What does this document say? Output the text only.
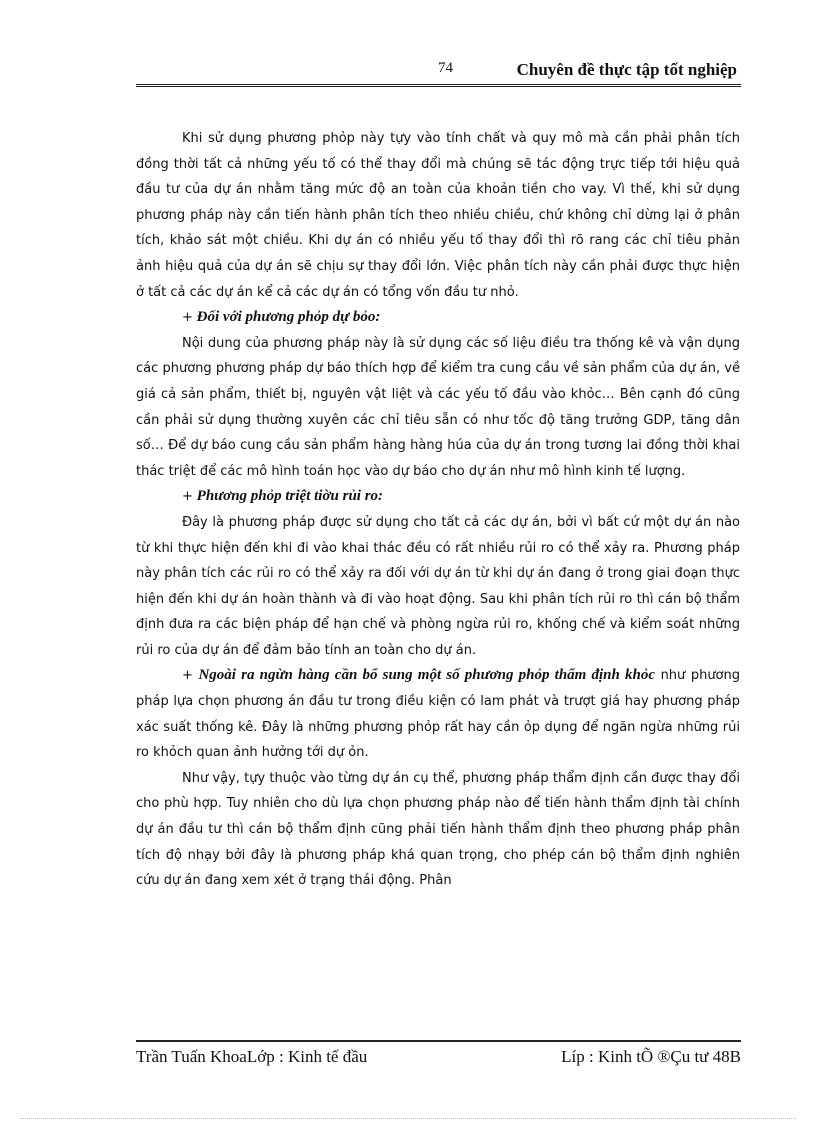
74	Chuyên đề thực tập tốt nghiệp

Khi sử dụng phương phỏp này tựy vào tính chất và quy mô mà cần phải phân tích đồng thời tất cả những yếu tố có thể thay đổi mà chúng sẽ tác động trực tiếp tới hiệu quả đầu tư của dự án nhằm tăng mức độ an toàn của khoản tiền cho vay. Vì thế, khi sử dụng phương pháp này cần tiến hành phân tích theo nhiều chiều, chứ không chỉ dừng lại ở phân tích, khảo sát một chiều. Khi dự án có nhiều yếu tố thay đổi thì rõ rang các chỉ tiêu phản ảnh hiệu quả của dự án sẽ chịu sự thay đổi lớn. Việc phân tích này cần phải được thực hiện ở tất cả các dự án kể cả các dự án có tổng vốn đầu tư nhỏ.

+ Đối với phương phỏp dự bỏo:

Nội dung của phương pháp này là sử dụng các số liệu điều tra thống kê và vận dụng các phương phương pháp dự báo thích hợp để kiểm tra cung cầu về sản phẩm của dự án, về giá cả sản phẩm, thiết bị, nguyên vật liệt và các yếu tố đầu vào khỏc… Bên cạnh đó cũng cần phải sử dụng thường xuyên các chỉ tiêu sẵn có như tốc độ tăng trưởng GDP, tăng dân số… Để dự báo cung cầu sản phẩm hàng hàng húa của dự án trong tương lai đồng thời khai thác triệt để các mô hình toán học vào dự báo cho dự án như mô hình kinh tế lượng.

+ Phương phỏp triệt tiờu rủi ro:

Đây là phương pháp được sử dụng cho tất cả các dự án, bởi vì bất cứ một dự án nào từ khi thực hiện đến khi đi vào khai thác đều có rất nhiều rủi ro có thể xảy ra. Phương pháp này phân tích các rủi ro có thể xảy ra đối với dự án từ khi dự án đang ở trong giai đoạn thực hiện đến khi dự án hoàn thành và đi vào hoạt động. Sau khi phân tích rủi ro thì cán bộ thẩm định đưa ra các biện pháp để hạn chế và phòng ngừa rủi ro, khống chế và kiểm soát những rủi ro của dự án để đảm bảo tính an toàn cho dự án.

+ Ngoài ra ngừn hàng cần bổ sung một số phương phỏp thẩm định khỏc như phương pháp lựa chọn phương án đầu tư trong điều kiện có lam phát và trượt giá hay phương pháp xác suất thống kê. Đây là những phương phỏp rất hay cần ỏp dụng để ngăn ngừa những rủi ro khỏch quan ảnh hưởng tới dự ỏn.

Như vậy, tựy thuộc vào từng dự án cụ thể, phương pháp thẩm định cần được thay đổi cho phù hợp. Tuy nhiên cho dù lựa chọn phương pháp nào để tiến hành thẩm định tài chính dự án đầu tư thì cán bộ thẩm định cũng phải tiến hành thẩm định theo phương pháp phân tích độ nhạy bởi đây là phương pháp khá quan trọng, cho phép cán bộ thẩm định nghiên cứu dự án đang xem xét ở trạng thái động. Phân

Trần Tuấn KhoaLớp : Kinh tế đầu	Líp : Kinh tÕ ®Çu tư 48B
